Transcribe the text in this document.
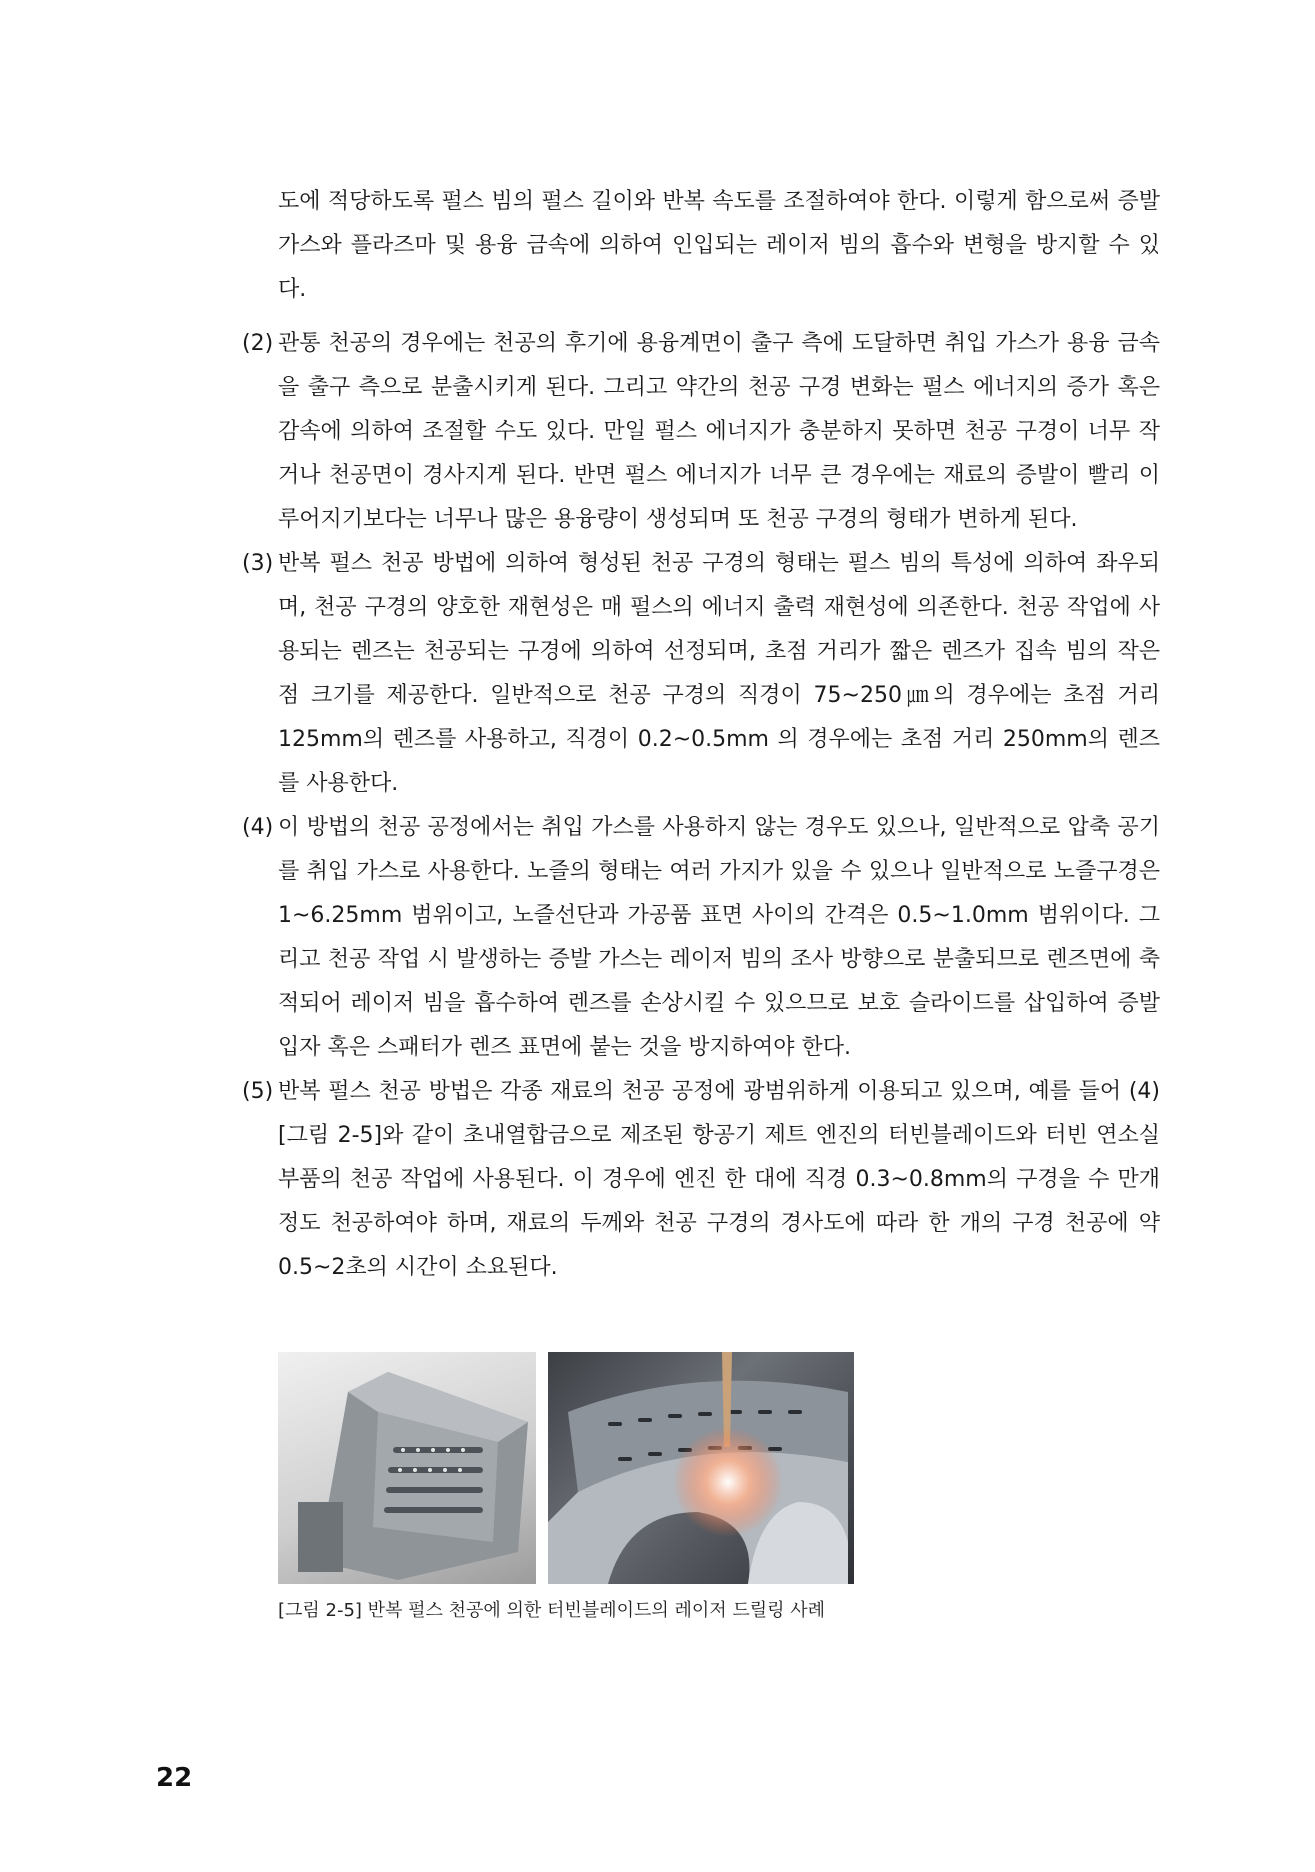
도에 적당하도록 펄스 빔의 펄스 길이와 반복 속도를 조절하여야 한다. 이렇게 함으로써 증발 가스와 플라즈마 및 용융 금속에 의하여 인입되는 레이저 빔의 흡수와 변형을 방지할 수 있다.

(2) 관통 천공의 경우에는 천공의 후기에 용융계면이 출구 측에 도달하면 취입 가스가 용융 금속을 출구 측으로 분출시키게 된다. 그리고 약간의 천공 구경 변화는 펄스 에너지의 증가 혹은 감속에 의하여 조절할 수도 있다. 만일 펄스 에너지가 충분하지 못하면 천공 구경이 너무 작거나 천공면이 경사지게 된다. 반면 펄스 에너지가 너무 큰 경우에는 재료의 증발이 빨리 이루어지기보다는 너무나 많은 용융량이 생성되며 또 천공 구경의 형태가 변하게 된다.
(3) 반복 펄스 천공 방법에 의하여 형성된 천공 구경의 형태는 펄스 빔의 특성에 의하여 좌우되며, 천공 구경의 양호한 재현성은 매 펄스의 에너지 출력 재현성에 의존한다. 천공 작업에 사용되는 렌즈는 천공되는 구경에 의하여 선정되며, 초점 거리가 짧은 렌즈가 집속 빔의 작은 점 크기를 제공한다. 일반적으로 천공 구경의 직경이 75~250㎛의 경우에는 초점 거리 125mm의 렌즈를 사용하고, 직경이 0.2~0.5mm 의 경우에는 초점 거리 250mm의 렌즈를 사용한다.
(4) 이 방법의 천공 공정에서는 취입 가스를 사용하지 않는 경우도 있으나, 일반적으로 압축 공기를 취입 가스로 사용한다. 노즐의 형태는 여러 가지가 있을 수 있으나 일반적으로 노즐구경은 1~6.25mm 범위이고, 노즐선단과 가공품 표면 사이의 간격은 0.5~1.0mm 범위이다. 그리고 천공 작업 시 발생하는 증발 가스는 레이저 빔의 조사 방향으로 분출되므로 렌즈면에 축적되어 레이저 빔을 흡수하여 렌즈를 손상시킬 수 있으므로 보호 슬라이드를 삽입하여 증발 입자 혹은 스패터가 렌즈 표면에 붙는 것을 방지하여야 한다.
(5) 반복 펄스 천공 방법은 각종 재료의 천공 공정에 광범위하게 이용되고 있으며, 예를 들어 (4) [그림 2-5]와 같이 초내열합금으로 제조된 항공기 제트 엔진의 터빈블레이드와 터빈 연소실 부품의 천공 작업에 사용된다. 이 경우에 엔진 한 대에 직경 0.3~0.8mm의 구경을 수 만개 정도 천공하여야 하며, 재료의 두께와 천공 구경의 경사도에 따라 한 개의 구경 천공에 약 0.5~2초의 시간이 소요된다.
[그림 2-5] 반복 펄스 천공에 의한 터빈블레이드의 레이저 드릴링 사례
22
